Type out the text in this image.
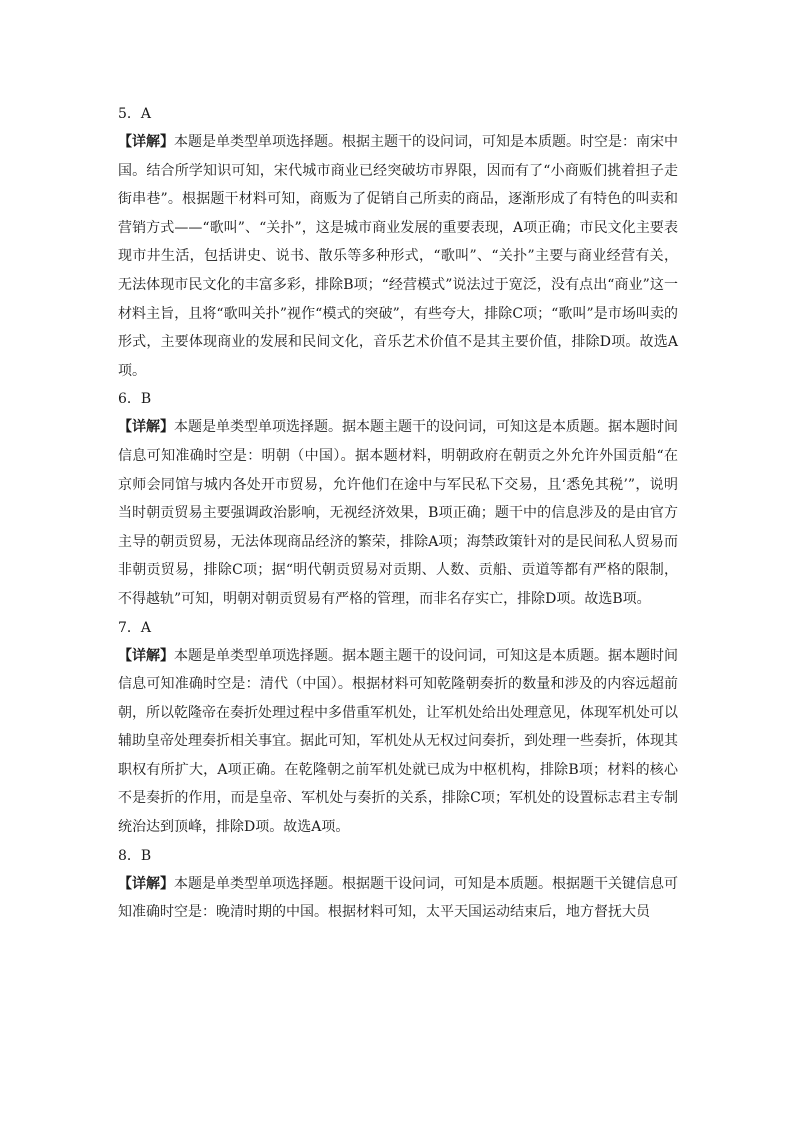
5．A
【详解】本题是单类型单项选择题。根据主题干的设问词，可知是本质题。时空是：南宋中国。结合所学知识可知，宋代城市商业已经突破坊市界限，因而有了“小商贩们挑着担子走街串巷”。根据题干材料可知，商贩为了促销自己所卖的商品，逐渐形成了有特色的叫卖和营销方式——“歌叫”、“关扑”，这是城市商业发展的重要表现，A项正确；市民文化主要表现市井生活，包括讲史、说书、散乐等多种形式，“歌叫”、“关扑”主要与商业经营有关，无法体现市民文化的丰富多彩，排除B项；“经营模式”说法过于宽泛，没有点出“商业”这一材料主旨，且将“歌叫关扑”视作“模式的突破”，有些夸大，排除C项；“歌叫”是市场叫卖的形式，主要体现商业的发展和民间文化，音乐艺术价值不是其主要价值，排除D项。故选A项。
6．B
【详解】本题是单类型单项选择题。据本题主题干的设问词，可知这是本质题。据本题时间信息可知准确时空是：明朝（中国）。据本题材料，明朝政府在朝贡之外允许外国贡船“在京师会同馆与城内各处开市贸易，允许他们在途中与军民私下交易，且‘悉免其税’”，说明当时朝贡贸易主要强调政治影响，无视经济效果，B项正确；题干中的信息涉及的是由官方主导的朝贡贸易，无法体现商品经济的繁荣，排除A项；海禁政策针对的是民间私人贸易而非朝贡贸易，排除C项；据“明代朝贡贸易对贡期、人数、贡船、贡道等都有严格的限制，不得越轨”可知，明朝对朝贡贸易有严格的管理，而非名存实亡，排除D项。故选B项。
7．A
【详解】本题是单类型单项选择题。据本题主题干的设问词，可知这是本质题。据本题时间信息可知准确时空是：清代（中国）。根据材料可知乾隆朝奏折的数量和涉及的内容远超前朝，所以乾隆帝在奏折处理过程中多借重军机处，让军机处给出处理意见，体现军机处可以辅助皇帝处理奏折相关事宜。据此可知，军机处从无权过问奏折，到处理一些奏折，体现其职权有所扩大，A项正确。在乾隆朝之前军机处就已成为中枢机构，排除B项；材料的核心不是奏折的作用，而是皇帝、军机处与奏折的关系，排除C项；军机处的设置标志君主专制统治达到顶峰，排除D项。故选A项。
8．B
【详解】本题是单类型单项选择题。根据题干设问词，可知是本质题。根据题干关键信息可知准确时空是：晚清时期的中国。根据材料可知，太平天国运动结束后，地方督抚大员
